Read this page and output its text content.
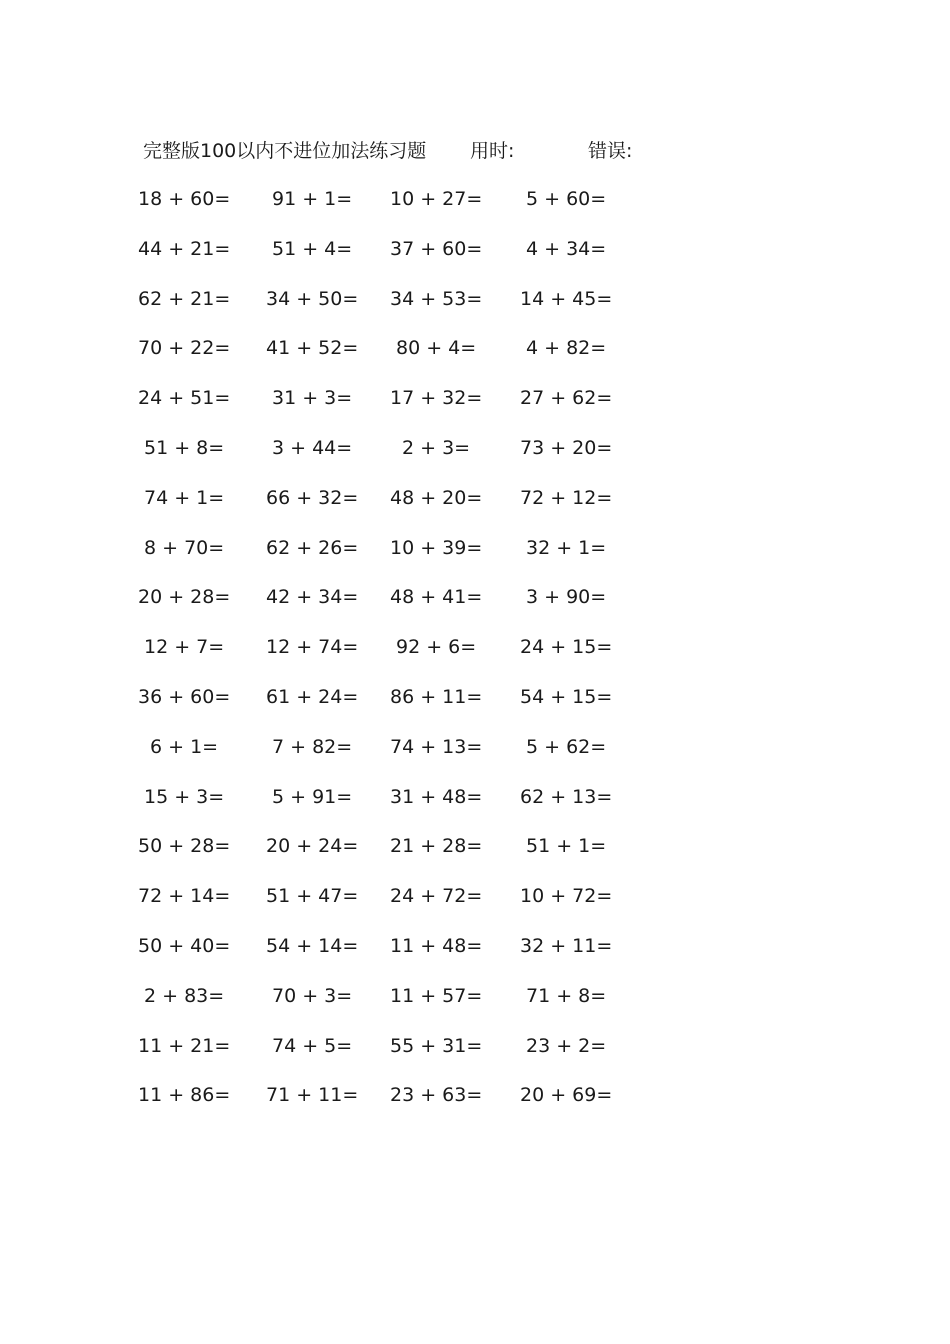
完整版100以内不进位加法练习题 用时:	错误:
18 + 60= 91 + 1= 10 + 27= 5 + 60=
44 + 21= 51 + 4= 37 + 60= 4 + 34=
62 + 21= 34 + 50= 34 + 53= 14 + 45=
70 + 22= 41 + 52= 80 + 4=	4 + 82=
24 + 51= 31 + 3= 17 + 32= 27 + 62=
51 + 8=	3 + 44=	2 + 3=	73 + 20=
74 + 1= 66 + 32= 48 + 20= 72 + 12=
8 + 70= 62 + 26= 10 + 39= 32 + 1=
20 + 28= 42 + 34= 48 + 41= 3 + 90=
12 + 7= 12 + 74= 92 + 6= 24 + 15=
36 + 60= 61 + 24= 86 + 11= 54 + 15=
6 + 1=	7 + 82= 74 + 13= 5 + 62=
15 + 3=	5 + 91= 31 + 48= 62 + 13=
50 + 28= 20 + 24= 21 + 28= 51 + 1=
72 + 14= 51 + 47= 24 + 72= 10 + 72=
50 + 40= 54 + 14= 11 + 48= 32 + 11=
2 + 83=	70 + 3= 11 + 57= 71 + 8=
11 + 21= 74 + 5= 55 + 31= 23 + 2=
11 + 86= 71 + 11= 23 + 63= 20 + 69=
